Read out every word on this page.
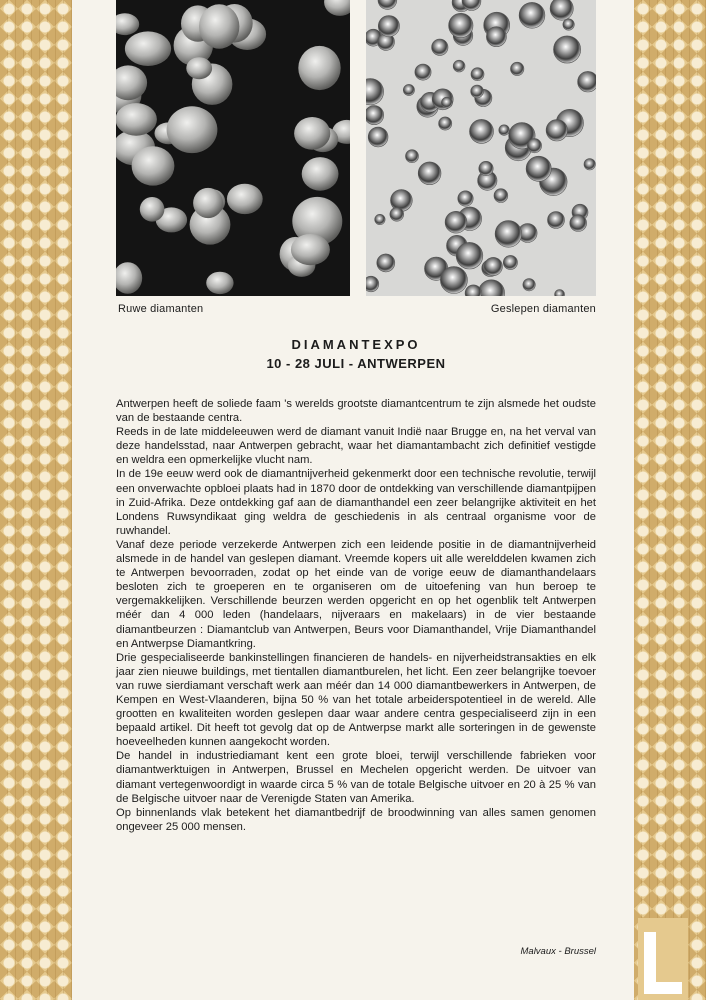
Ruwe diamanten	Geslepen diamanten
DIAMANTEXPO
10 - 28 JULI - ANTWERPEN

Antwerpen heeft de soliede faam 's werelds grootste diamantcentrum te zijn alsmede het oudste van de bestaande centra.

Reeds in de late middeleeuwen werd de diamant vanuit Indië naar Brugge en, na het verval van deze handelsstad, naar Antwerpen gebracht, waar het diamantambacht zich definitief vestigde en weldra een opmerkelijke vlucht nam.

In de 19e eeuw werd ook de diamantnijverheid gekenmerkt door een technische revolutie, terwijl een onverwachte opbloei plaats had in 1870 door de ontdekking van verschillende diamantpijpen in Zuid-Afrika. Deze ontdekking gaf aan de diamanthandel een zeer belangrijke aktiviteit en het Londens Ruwsyndikaat ging weldra de geschiedenis in als centraal organisme voor de ruwhandel.

Vanaf deze periode verzekerde Antwerpen zich een leidende positie in de diamantnijverheid alsmede in de handel van geslepen diamant. Vreemde kopers uit alle werelddelen kwamen zich te Antwerpen bevoorraden, zodat op het einde van de vorige eeuw de diamanthandelaars besloten zich te groeperen en te organiseren om de uitoefening van hun beroep te vergemakkelijken. Verschillende beurzen werden opgericht en op het ogenblik telt Antwerpen méér dan 4 000 leden (handelaars, nijveraars en makelaars) in de vier bestaande diamantbeurzen : Diamantclub van Antwerpen, Beurs voor Diamanthandel, Vrije Diamanthandel en Antwerpse Diamantkring.

Drie gespecialiseerde bankinstellingen financieren de handels- en nijverheidstransakties en elk jaar zien nieuwe buildings, met tientallen diamantburelen, het licht. Een zeer belangrijke toevoer van ruwe sierdiamant verschaft werk aan méér dan 14 000 diamantbewerkers in Antwerpen, de Kempen en West-Vlaanderen, bijna 50 % van het totale arbeiderspotentieel in de wereld. Alle grootten en kwaliteiten worden geslepen daar waar andere centra gespecialiseerd zijn in een bepaald artikel. Dit heeft tot gevolg dat op de Antwerpse markt alle sorteringen in de gewenste hoeveelheden kunnen aangekocht worden.

De handel in industriediamant kent een grote bloei, terwijl verschillende fabrieken voor diamantwerktuigen in Antwerpen, Brussel en Mechelen opgericht werden. De uitvoer van diamant vertegenwoordigt in waarde circa 5 % van de totale Belgische uitvoer en 20 à 25 % van de Belgische uitvoer naar de Verenigde Staten van Amerika.

Op binnenlands vlak betekent het diamantbedrijf de broodwinning van alles samen genomen ongeveer 25 000 mensen.

Malvaux - Brussel
